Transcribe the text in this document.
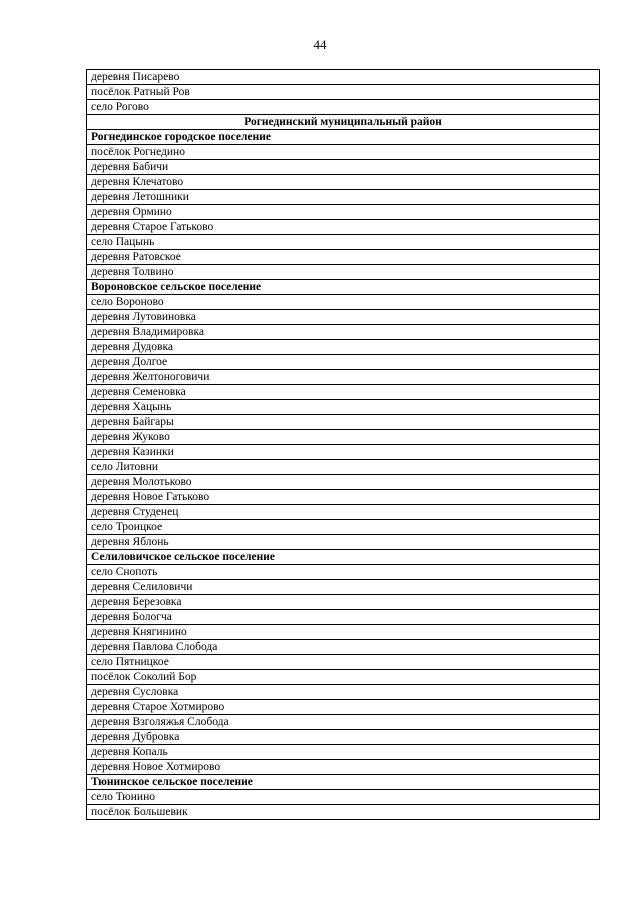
44
деревня Писарево
посёлок Ратный Ров
село Рогово
Рогнединский муниципальный район
Рогнединское городское поселение
посёлок Рогнедино
деревня Бабичи
деревня Клечатово
деревня Летошники
деревня Ормино
деревня Старое Гатьково
село Пацынь
деревня Ратовское
деревня Толвино
Вороновское сельское поселение
село Вороново
деревня Лутовиновка
деревня Владимировка
деревня Дудовка
деревня Долгое
деревня Желтоноговичи
деревня Семеновка
деревня Хацынь
деревня Байгары
деревня Жуково
деревня Казинки
село Литовни
деревня Молотьково
деревня Новое Гатьково
деревня Студенец
село Троицкое
деревня Яблонь
Селиловичское сельское поселение
село Снопоть
деревня Селиловичи
деревня Березовка
деревня Бологча
деревня Княгинино
деревня Павлова Слобода
село Пятницкое
посёлок Соколий Бор
деревня Сусловка
деревня Старое Хотмирово
деревня Взголяжья Слобода
деревня Дубровка
деревня Копаль
деревня Новое Хотмирово
Тюнинское сельское поселение
село Тюнино
посёлок Большевик
